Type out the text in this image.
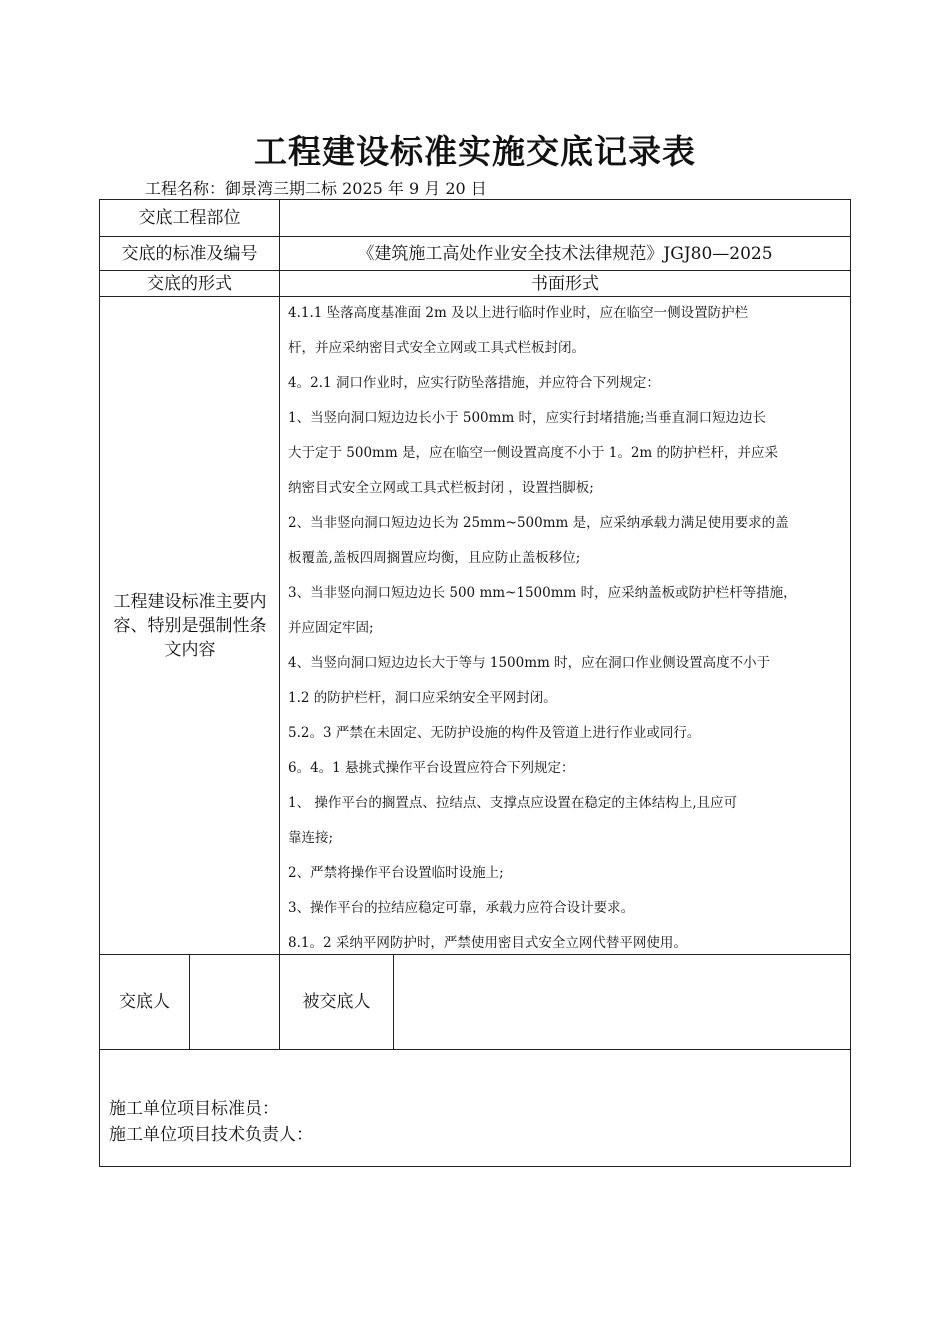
工程建设标准实施交底记录表
工程名称：御景湾三期二标 2025 年 9 月 20 日
交底工程部位
交底的标准及编号	《建筑施工高处作业安全技术法律规范》JGJ80—2025
交底的形式	书面形式
工程建设标准主要内容、特别是强制性条文内容

4.1.1 坠落高度基准面 2m 及以上进行临时作业时，应在临空一侧设置防护栏

杆，并应采纳密目式安全立网或工具式栏板封闭。

4。2.1 洞口作业时，应实行防坠落措施，并应符合下列规定：

1、当竖向洞口短边边长小于 500mm 时，应实行封堵措施;当垂直洞口短边边长

大于定于 500mm 是，应在临空一侧设置高度不小于 1。2m 的防护栏杆，并应采

纳密目式安全立网或工具式栏板封闭 ，设置挡脚板;

2、当非竖向洞口短边边长为 25mm~500mm 是，应采纳承载力满足使用要求的盖

板覆盖,盖板四周搁置应均衡，且应防止盖板移位;

3、当非竖向洞口短边边长 500 mm~1500mm 时，应采纳盖板或防护栏杆等措施，

并应固定牢固;

4、当竖向洞口短边边长大于等与 1500mm 时，应在洞口作业侧设置高度不小于

1.2 的防护栏杆，洞口应采纳安全平网封闭。

5.2。3 严禁在未固定、无防护设施的构件及管道上进行作业或同行。

6。4。1 悬挑式操作平台设置应符合下列规定：

1、 操作平台的搁置点、拉结点、支撑点应设置在稳定的主体结构上,且应可

靠连接;

2、严禁将操作平台设置临时设施上;

3、操作平台的拉结应稳定可靠，承载力应符合设计要求。

8.1。2 采纳平网防护时，严禁使用密目式安全立网代替平网使用。

交底人	被交底人
施工单位项目标准员：
施工单位项目技术负责人：
